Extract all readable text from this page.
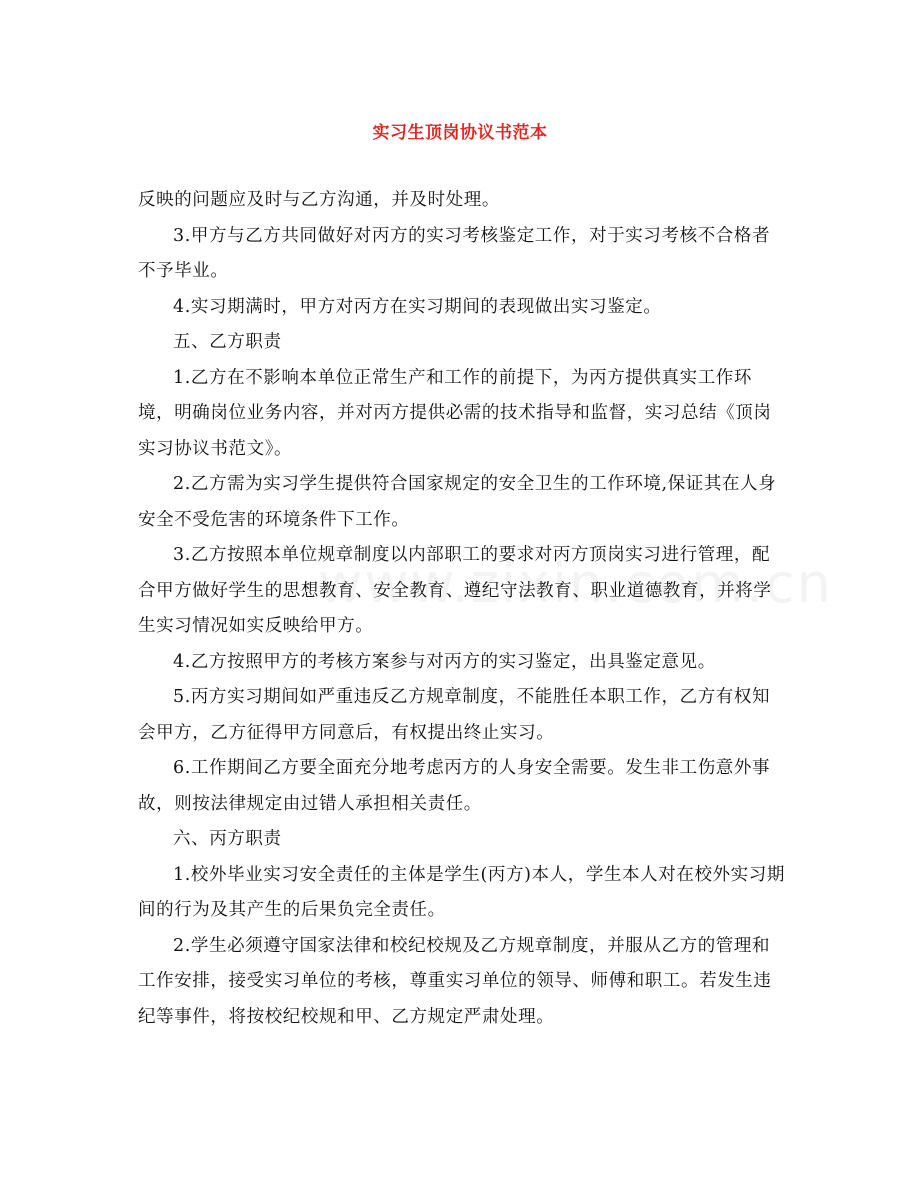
实习生顶岗协议书范本

反映的问题应及时与乙方沟通，并及时处理。

3.甲方与乙方共同做好对丙方的实习考核鉴定工作，对于实习考核不合格者不予毕业。

4.实习期满时，甲方对丙方在实习期间的表现做出实习鉴定。

五、乙方职责

1.乙方在不影响本单位正常生产和工作的前提下，为丙方提供真实工作环境，明确岗位业务内容，并对丙方提供必需的技术指导和监督，实习总结《顶岗实习协议书范文》。

2.乙方需为实习学生提供符合国家规定的安全卫生的工作环境,保证其在人身安全不受危害的环境条件下工作。

3.乙方按照本单位规章制度以内部职工的要求对丙方顶岗实习进行管理，配合甲方做好学生的思想教育、安全教育、遵纪守法教育、职业道德教育，并将学生实习情况如实反映给甲方。

4.乙方按照甲方的考核方案参与对丙方的实习鉴定，出具鉴定意见。

5.丙方实习期间如严重违反乙方规章制度，不能胜任本职工作，乙方有权知会甲方，乙方征得甲方同意后，有权提出终止实习。

6.工作期间乙方要全面充分地考虑丙方的人身安全需要。发生非工伤意外事故，则按法律规定由过错人承担相关责任。

六、丙方职责

1.校外毕业实习安全责任的主体是学生(丙方)本人，学生本人对在校外实习期间的行为及其产生的后果负完全责任。

2.学生必须遵守国家法律和校纪校规及乙方规章制度，并服从乙方的管理和工作安排，接受实习单位的考核，尊重实习单位的领导、师傅和职工。若发生违纪等事件，将按校纪校规和甲、乙方规定严肃处理。
